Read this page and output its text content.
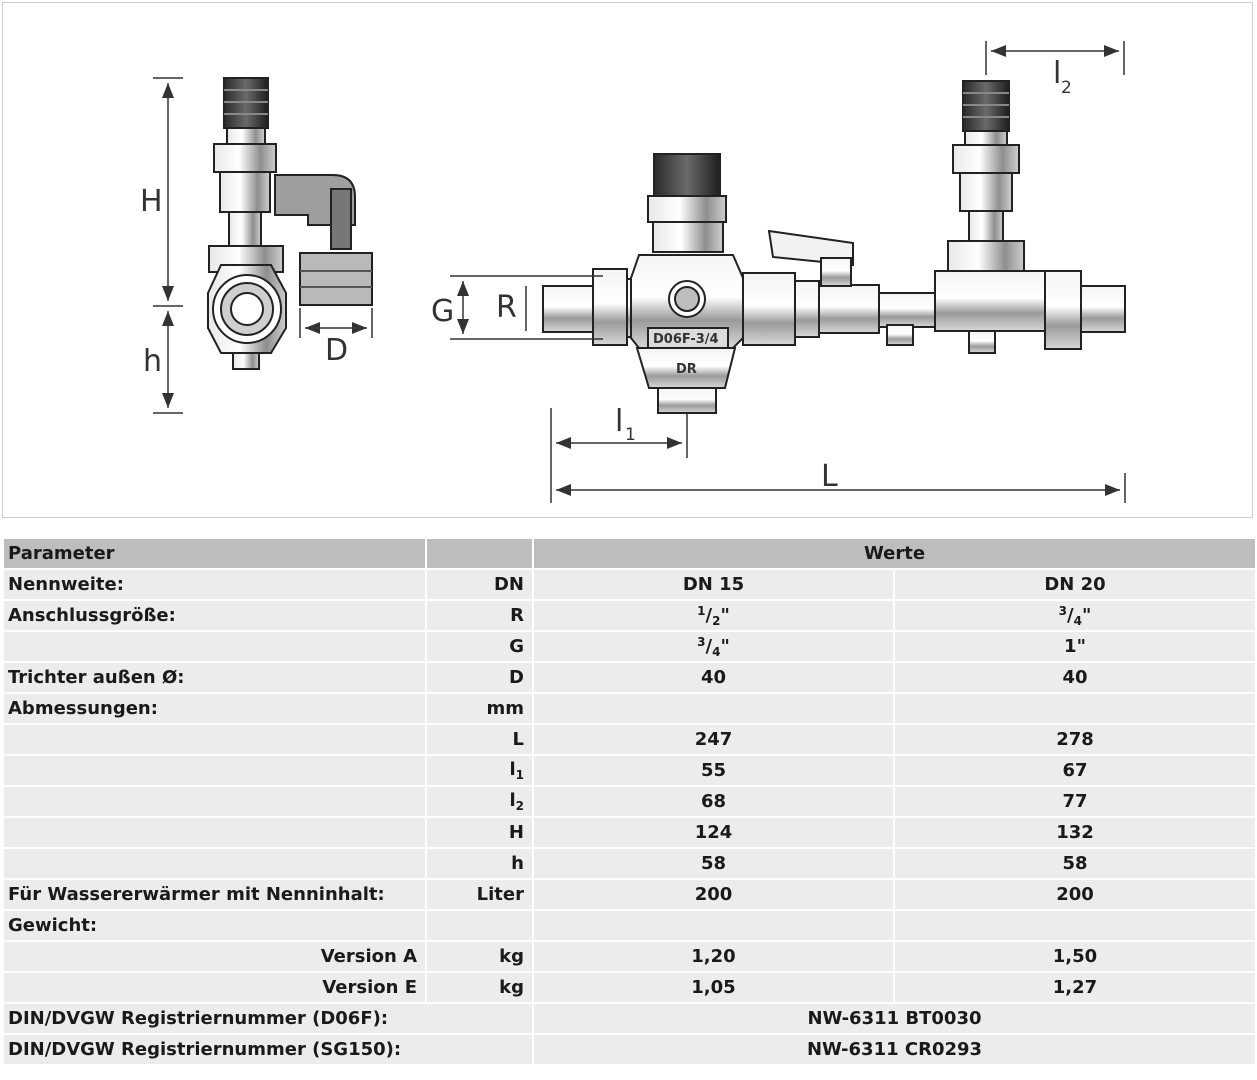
H
h	D	D06F-3/4
DR
G R
L
l 1
l 2
Parameter		Werte	
Nennweite:	DN	DN 15	DN 20
Anschlussgröße:	R	$^1/_2$"	$^3/_4$"
	G	$^3/_4$"	1"
Trichter außen Ø:	D	40	40
Abmessungen:	mm		
	L	247	278
	$l_1$	55	67
	$l_2$	68	77
	H	124	132
	h	58	58
Für Wassererwärmer mit Nenninhalt:	Liter	200	200
Gewicht:			
Version A	kg	1,20	1,50
Version E	kg	1,05	1,27
DIN/DVGW Registriernummer (D06F):		NW-6311 BT0030	
DIN/DVGW Registriernummer (SG150):		NW-6311 CR0293	
